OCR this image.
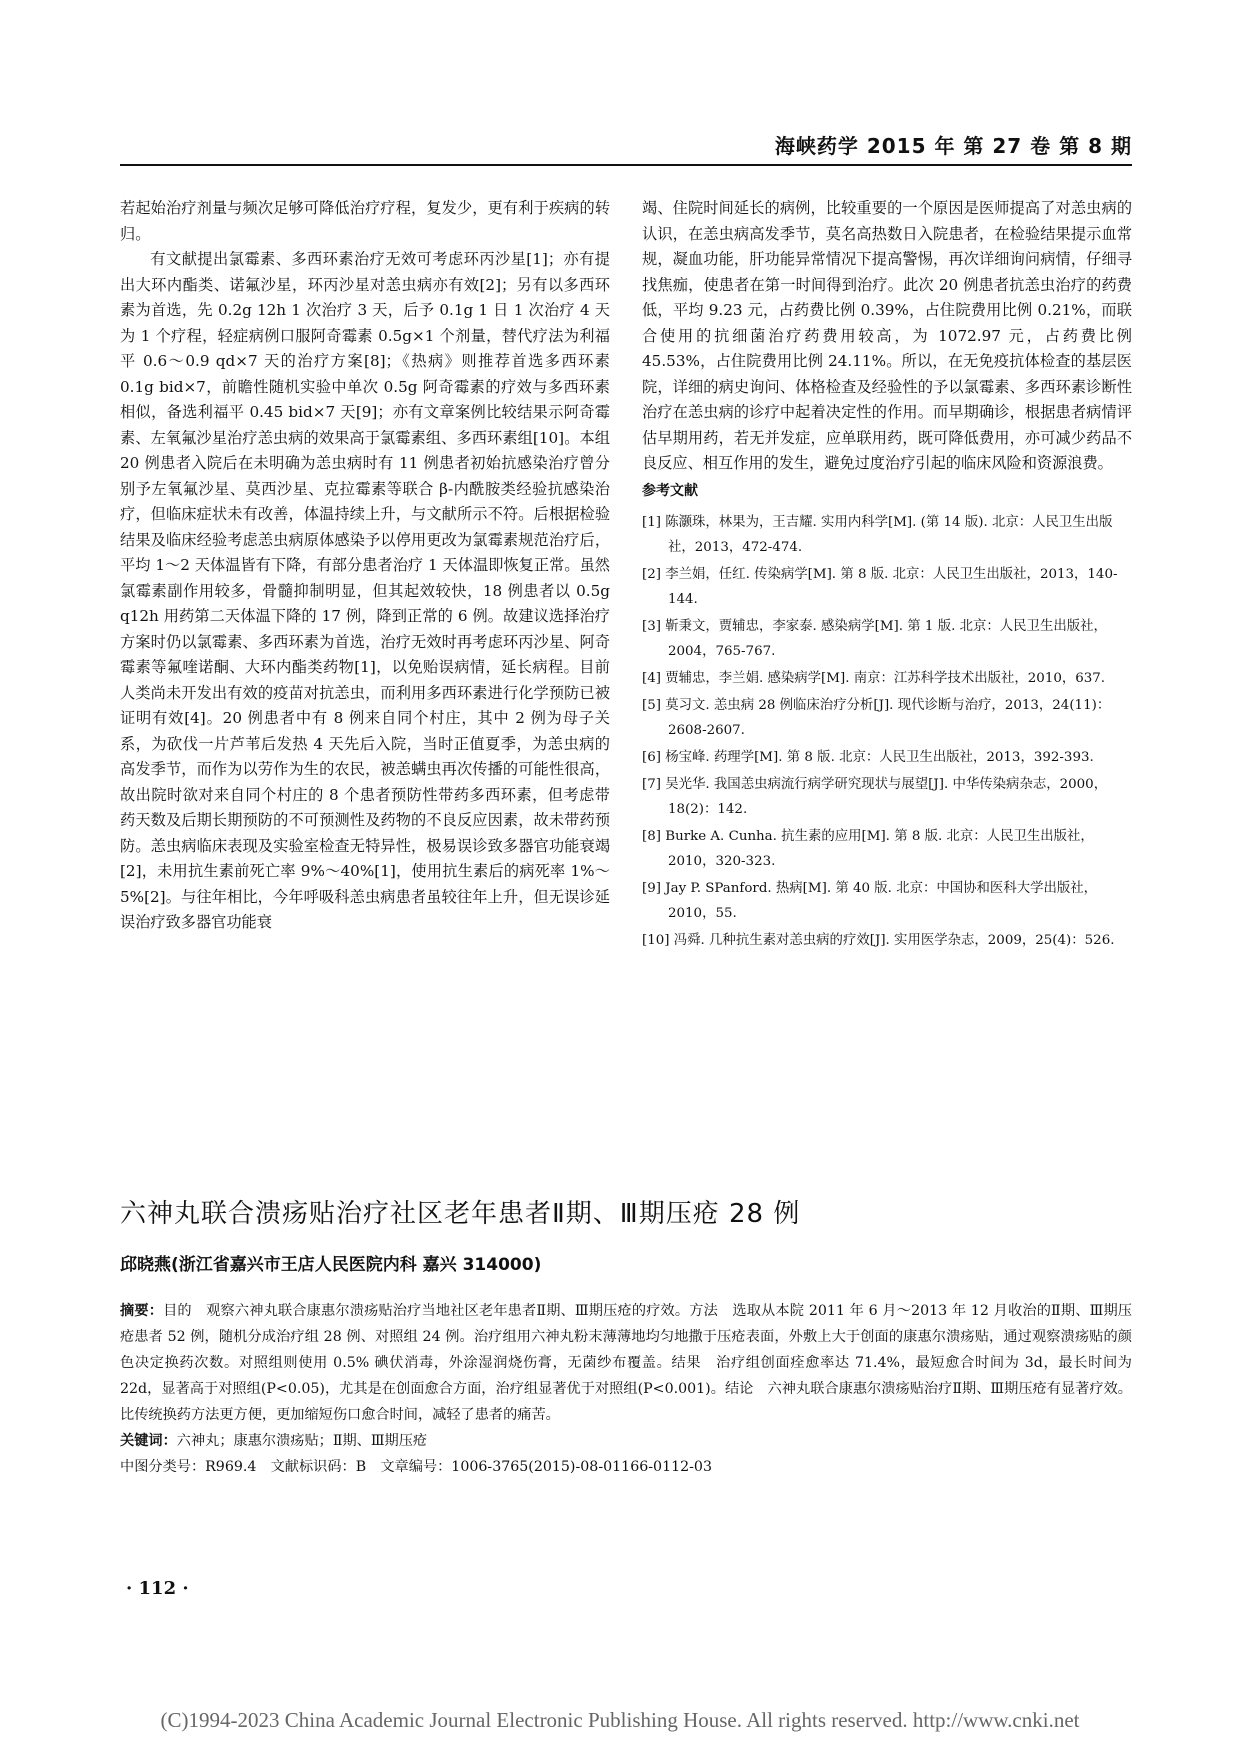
海峡药学 2015 年 第 27 卷 第 8 期

若起始治疗剂量与频次足够可降低治疗疗程，复发少，更有利于疾病的转归。

有文献提出氯霉素、多西环素治疗无效可考虑环丙沙星[1]；亦有提出大环内酯类、诺氟沙星，环丙沙星对恙虫病亦有效[2]；另有以多西环素为首选，先 0.2g 12h 1 次治疗 3 天，后予 0.1g 1 日 1 次治疗 4 天为 1 个疗程，轻症病例口服阿奇霉素 0.5g×1 个剂量，替代疗法为利福平 0.6～0.9 qd×7 天的治疗方案[8]；《热病》则推荐首选多西环素 0.1g bid×7，前瞻性随机实验中单次 0.5g 阿奇霉素的疗效与多西环素相似，备选利福平 0.45 bid×7 天[9]；亦有文章案例比较结果示阿奇霉素、左氧氟沙星治疗恙虫病的效果高于氯霉素组、多西环素组[10]。本组 20 例患者入院后在未明确为恙虫病时有 11 例患者初始抗感染治疗曾分别予左氧氟沙星、莫西沙星、克拉霉素等联合 β-内酰胺类经验抗感染治疗，但临床症状未有改善，体温持续上升，与文献所示不符。后根据检验结果及临床经验考虑恙虫病原体感染予以停用更改为氯霉素规范治疗后，平均 1～2 天体温皆有下降，有部分患者治疗 1 天体温即恢复正常。虽然氯霉素副作用较多，骨髓抑制明显，但其起效较快，18 例患者以 0.5g q12h 用药第二天体温下降的 17 例，降到正常的 6 例。故建议选择治疗方案时仍以氯霉素、多西环素为首选，治疗无效时再考虑环丙沙星、阿奇霉素等氟喹诺酮、大环内酯类药物[1]，以免贻误病情，延长病程。目前人类尚未开发出有效的疫苗对抗恙虫，而利用多西环素进行化学预防已被证明有效[4]。20 例患者中有 8 例来自同个村庄，其中 2 例为母子关系，为砍伐一片芦苇后发热 4 天先后入院，当时正值夏季，为恙虫病的高发季节，而作为以劳作为生的农民，被恙螨虫再次传播的可能性很高，故出院时欲对来自同个村庄的 8 个患者预防性带药多西环素，但考虑带药天数及后期长期预防的不可预测性及药物的不良反应因素，故未带药预防。恙虫病临床表现及实验室检查无特异性，极易误诊致多器官功能衰竭[2]，未用抗生素前死亡率 9%～40%[1]，使用抗生素后的病死率 1%～5%[2]。与往年相比，今年呼吸科恙虫病患者虽较往年上升，但无误诊延误治疗致多器官功能衰

竭、住院时间延长的病例，比较重要的一个原因是医师提高了对恙虫病的认识，在恙虫病高发季节，莫名高热数日入院患者，在检验结果提示血常规，凝血功能，肝功能异常情况下提高警惕，再次详细询问病情，仔细寻找焦痂，使患者在第一时间得到治疗。此次 20 例患者抗恙虫治疗的药费低，平均 9.23 元，占药费比例 0.39%，占住院费用比例 0.21%，而联合使用的抗细菌治疗药费用较高，为 1072.97 元，占药费比例 45.53%，占住院费用比例 24.11%。所以，在无免疫抗体检查的基层医院，详细的病史询问、体格检查及经验性的予以氯霉素、多西环素诊断性治疗在恙虫病的诊疗中起着决定性的作用。而早期确诊，根据患者病情评估早期用药，若无并发症，应单联用药，既可降低费用，亦可减少药品不良反应、相互作用的发生，避免过度治疗引起的临床风险和资源浪费。

参考文献
[1] 陈灏珠，林果为，王吉耀. 实用内科学[M]. (第 14 版). 北京：人民卫生出版社，2013，472-474.
[2] 李兰娟，任红. 传染病学[M]. 第 8 版. 北京：人民卫生出版社，2013，140-144.
[3] 靳秉文，贾辅忠，李家泰. 感染病学[M]. 第 1 版. 北京：人民卫生出版社，2004，765-767.
[4] 贾辅忠，李兰娟. 感染病学[M]. 南京：江苏科学技术出版社，2010，637.
[5] 莫习文. 恙虫病 28 例临床治疗分析[J]. 现代诊断与治疗，2013，24(11)：2608-2607.
[6] 杨宝峰. 药理学[M]. 第 8 版. 北京：人民卫生出版社，2013，392-393.
[7] 吴光华. 我国恙虫病流行病学研究现状与展望[J]. 中华传染病杂志，2000，18(2)：142.
[8] Burke A. Cunha. 抗生素的应用[M]. 第 8 版. 北京：人民卫生出版社，2010，320-323.
[9] Jay P. SPanford. 热病[M]. 第 40 版. 北京：中国协和医科大学出版社，2010，55.
[10] 冯舜. 几种抗生素对恙虫病的疗效[J]. 实用医学杂志，2009，25(4)：526.
六神丸联合溃疡贴治疗社区老年患者Ⅱ期、Ⅲ期压疮 28 例
邱晓燕(浙江省嘉兴市王店人民医院内科 嘉兴 314000)

摘要：目的　观察六神丸联合康惠尔溃疡贴治疗当地社区老年患者Ⅱ期、Ⅲ期压疮的疗效。方法　选取从本院 2011 年 6 月～2013 年 12 月收治的Ⅱ期、Ⅲ期压疮患者 52 例，随机分成治疗组 28 例、对照组 24 例。治疗组用六神丸粉末薄薄地均匀地撒于压疮表面，外敷上大于创面的康惠尔溃疡贴，通过观察溃疡贴的颜色决定换药次数。对照组则使用 0.5% 碘伏消毒，外涂湿润烧伤膏，无菌纱布覆盖。结果　治疗组创面痊愈率达 71.4%，最短愈合时间为 3d，最长时间为 22d，显著高于对照组(P<0.05)，尤其是在创面愈合方面，治疗组显著优于对照组(P<0.001)。结论　六神丸联合康惠尔溃疡贴治疗Ⅱ期、Ⅲ期压疮有显著疗效。比传统换药方法更方便，更加缩短伤口愈合时间，减轻了患者的痛苦。

关键词：六神丸；康惠尔溃疡贴；Ⅱ期、Ⅲ期压疮

中图分类号：R969.4　文献标识码：B　文章编号：1006-3765(2015)-08-01166-0112-03

· 112 ·
(C)1994-2023 China Academic Journal Electronic Publishing House. All rights reserved. http://www.cnki.net
